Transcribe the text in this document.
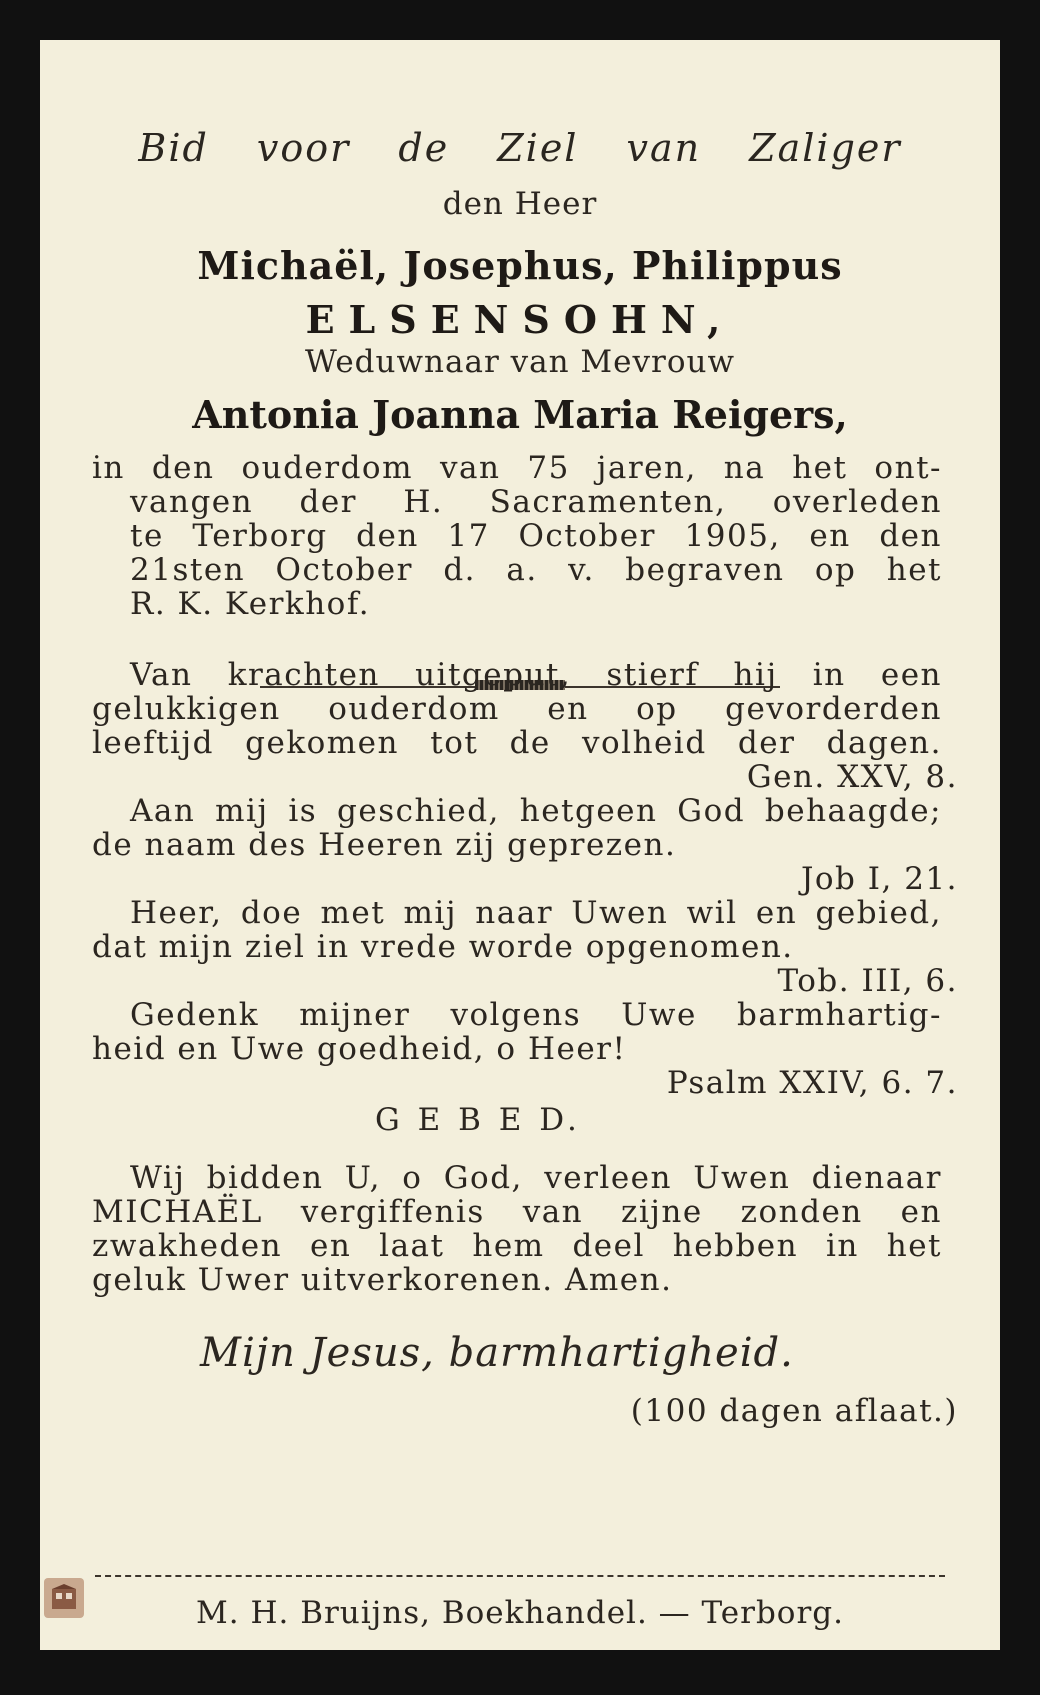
Bid voor de Ziel van Zaliger
den Heer
Michaël, Josephus, Philippus
ELSENSOHN,
Weduwnaar van Mevrouw
Antonia Joanna Maria Reigers,
in den ouderdom van 75 jaren, na het ont-
vangen der H. Sacramenten, overleden
te Terborg den 17 October 1905, en den
21sten October d. a. v. begraven op het
R. K. Kerkhof.
Van krachten uitgeput, stierf hij in een
gelukkigen ouderdom en op gevorderden
leeftijd gekomen tot de volheid der dagen.
Gen. XXV, 8.
Aan mij is geschied, hetgeen God behaagde;
de naam des Heeren zij geprezen.
Job I, 21.
Heer, doe met mij naar Uwen wil en gebied,
dat mijn ziel in vrede worde opgenomen.
Tob. III, 6.
Gedenk mijner volgens Uwe barmhartig-
heid en Uwe goedheid, o Heer!
Psalm XXIV, 6. 7.
G E B E D.
Wij bidden U, o God, verleen Uwen dienaar
MICHAËL vergiffenis van zijne zonden en
zwakheden en laat hem deel hebben in het
geluk Uwer uitverkorenen. Amen.
Mijn Jesus, barmhartigheid.
(100 dagen aflaat.)
M. H. Bruijns, Boekhandel. — Terborg.
